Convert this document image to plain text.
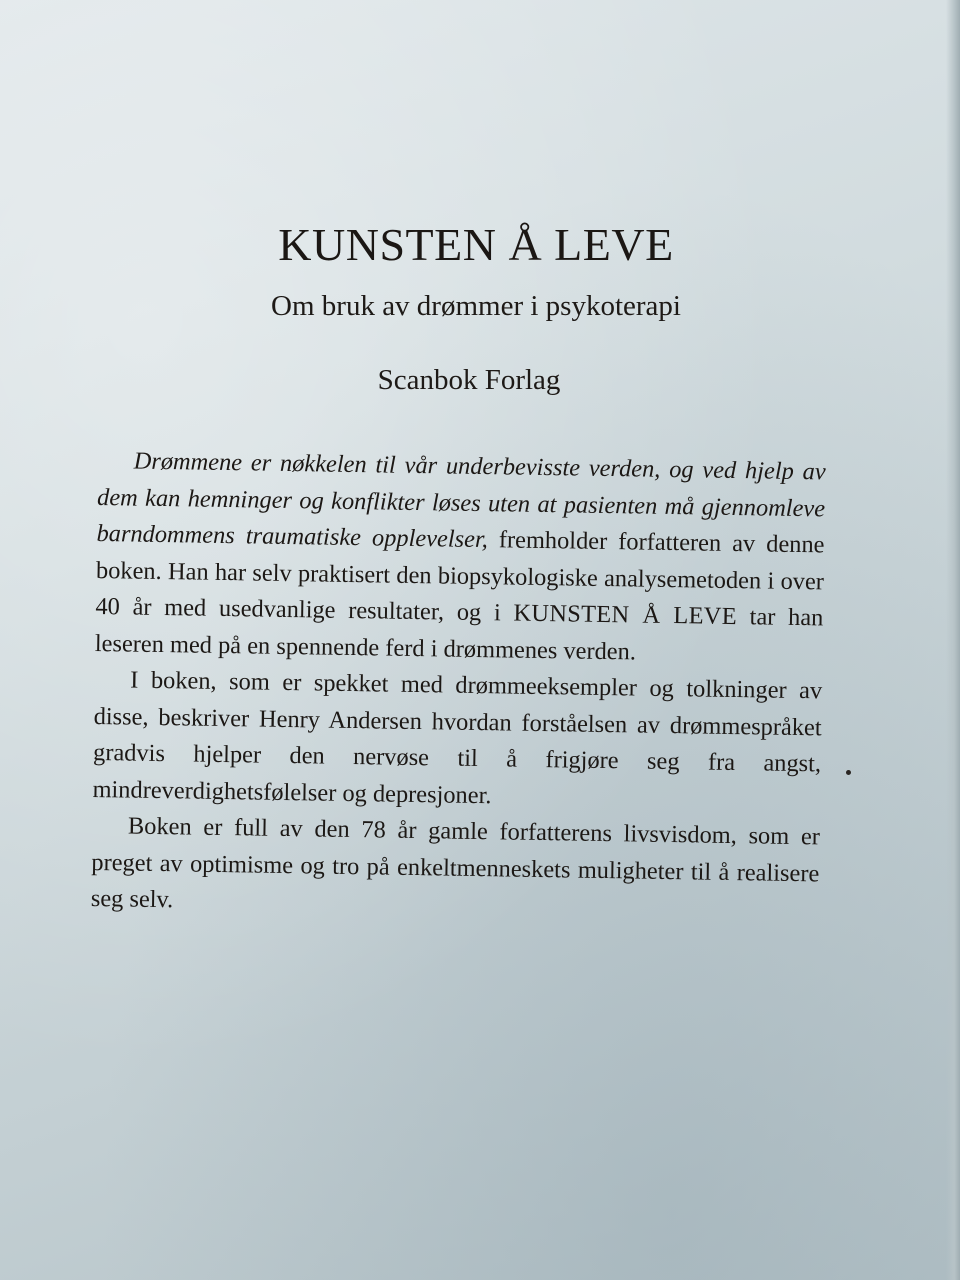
KUNSTEN Å LEVE

Om bruk av drømmer i psykoterapi

Scanbok Forlag

Drømmene er nøkkelen til vår underbevisste verden, og ved hjelp av dem kan hemninger og konflikter løses uten at pasienten må gjennomleve barndommens traumatiske opplevelser, fremholder forfatteren av denne boken. Han har selv praktisert den biopsykologiske analysemetoden i over 40 år med usedvanlige resultater, og i KUNSTEN Å LEVE tar han leseren med på en spennende ferd i drømmenes verden.

I boken, som er spekket med drømmeeksempler og tolkninger av disse, beskriver Henry Andersen hvordan forståelsen av drømmespråket gradvis hjelper den nervøse til å frigjøre seg fra angst, mindreverdighetsfølelser og depresjoner.

Boken er full av den 78 år gamle forfatterens livsvisdom, som er preget av optimisme og tro på enkeltmenneskets muligheter til å realisere seg selv.
